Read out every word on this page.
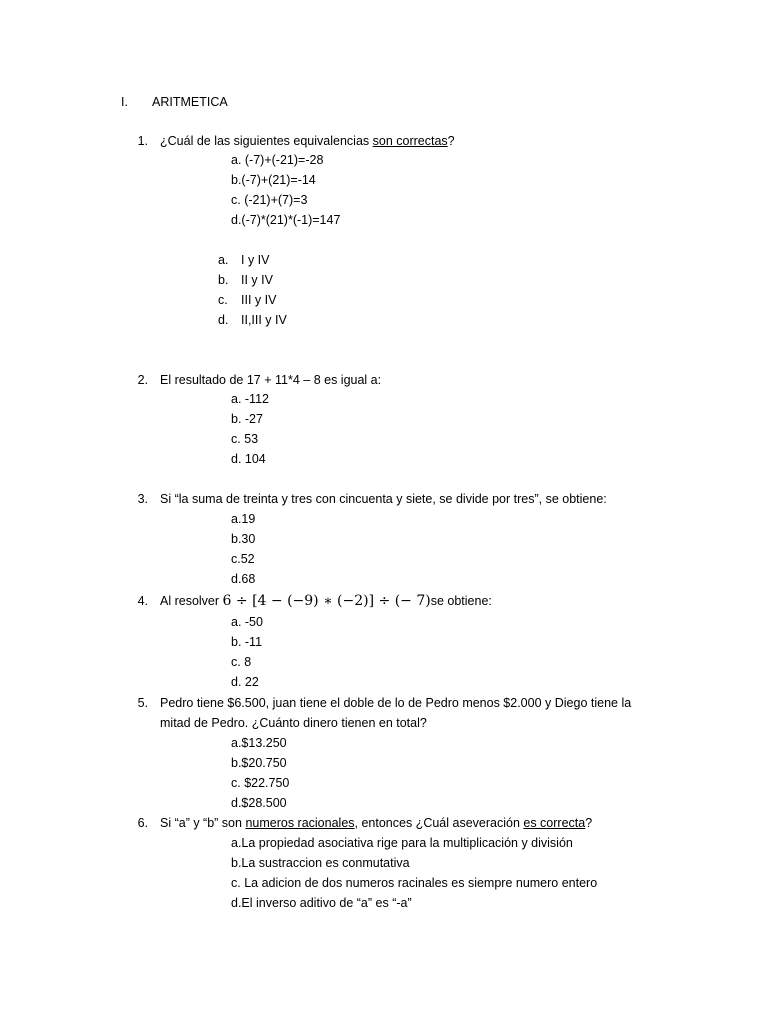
I. ARITMETICA
1. ¿Cuál de las siguientes equivalencias son correctas?
a. (-7)+(-21)=-28
b.(-7)+(21)=-14
c. (-21)+(7)=3
d.(-7)*(21)*(-1)=147
a. I y IV
b. II y IV
c. III y IV
d. II,III y IV
2. El resultado de 17 + 11*4 – 8 es igual a:
a. -112
b. -27
c. 53
d. 104
3. Si “la suma de treinta y tres con cincuenta y siete, se divide por tres”, se obtiene:
a.19
b.30
c.52
d.68
4. Al resolver 6 ÷ [4 − (−9) ∗ (−2)] ÷ (− 7)se obtiene:
a. -50
b. -11
c. 8
d. 22
5. Pedro tiene $6.500, juan tiene el doble de lo de Pedro menos $2.000 y Diego tiene la
mitad de Pedro. ¿Cuánto dinero tienen en total?
a.$13.250
b.$20.750
c. $22.750
d.$28.500
6. Si “a” y “b” son numeros racionales, entonces ¿Cuál aseveración es correcta?
a.La propiedad asociativa rige para la multiplicación y división
b.La sustraccion es conmutativa
c. La adicion de dos numeros racinales es siempre numero entero
d.El inverso aditivo de “a” es “-a”
